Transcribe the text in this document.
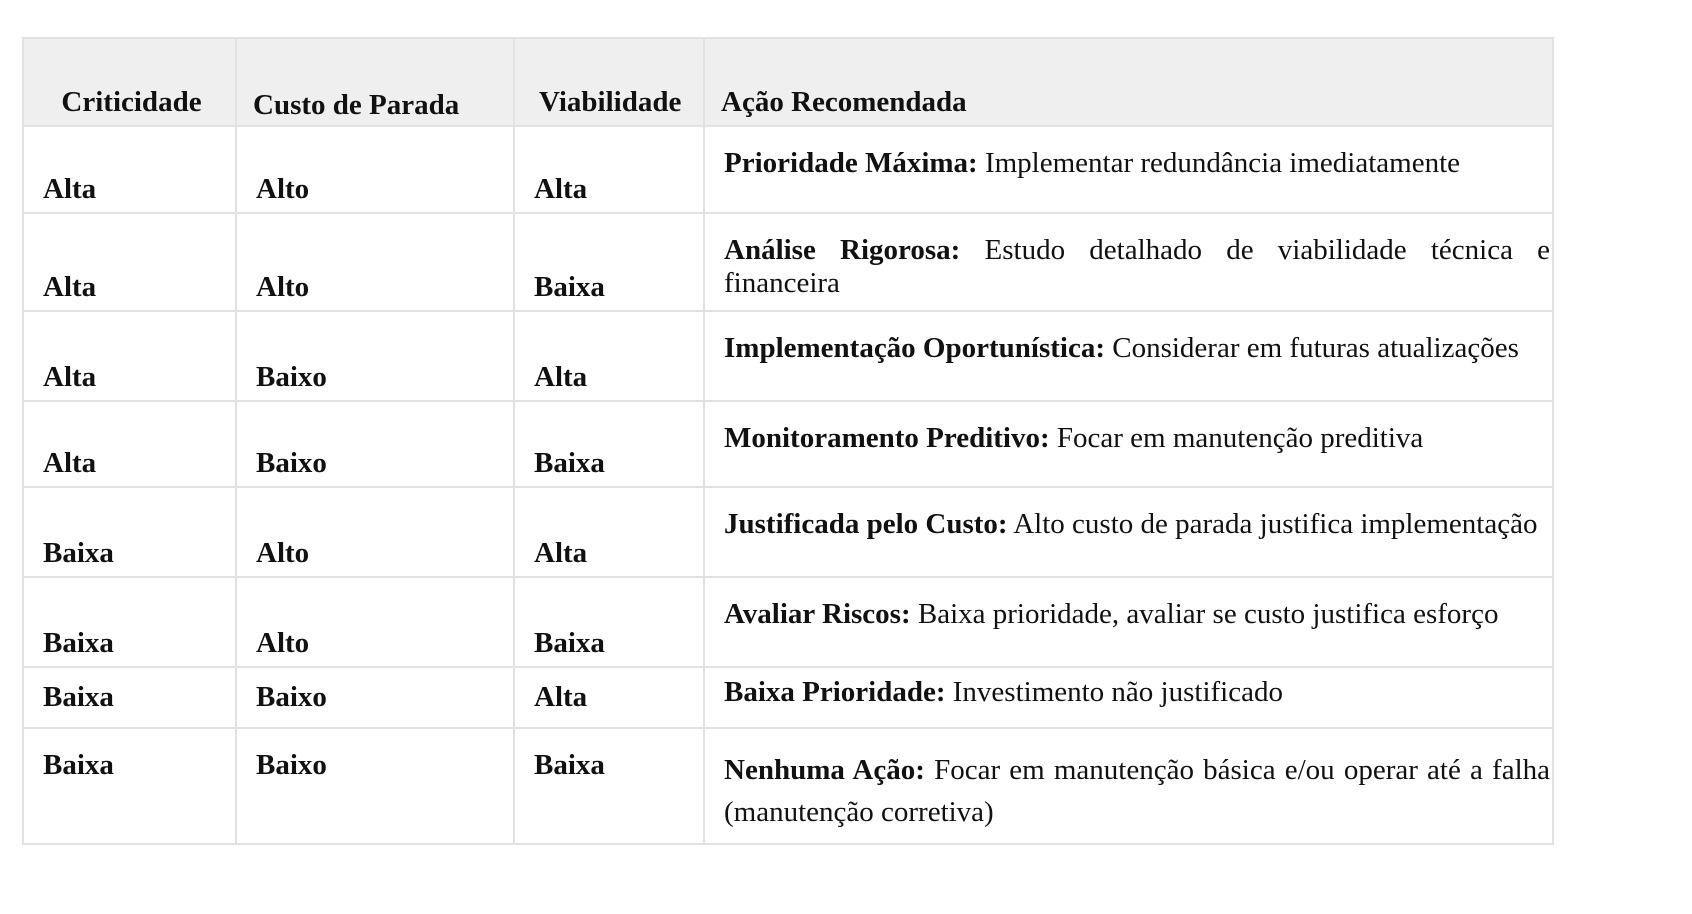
Criticidade	Custo de Parada	Viabilidade	Ação Recomendada
Alta	Alto	Alta	Prioridade Máxima: Implementar redundância imediatamente
Alta	Alto	Baixa	Análise Rigorosa: Estudo detalhado de viabilidade técnica e financeira
Alta	Baixo	Alta	Implementação Oportunística: Considerar em futuras atualizações
Alta	Baixo	Baixa	Monitoramento Preditivo: Focar em manutenção preditiva
Baixa	Alto	Alta	Justificada pelo Custo: Alto custo de parada justifica implementação
Baixa	Alto	Baixa	Avaliar Riscos: Baixa prioridade, avaliar se custo justifica esforço
Baixa	Baixo	Alta	Baixa Prioridade: Investimento não justificado
Baixa	Baixo	Baixa	Nenhuma Ação: Focar em manutenção básica e/ou operar até a falha (manutenção corretiva)
